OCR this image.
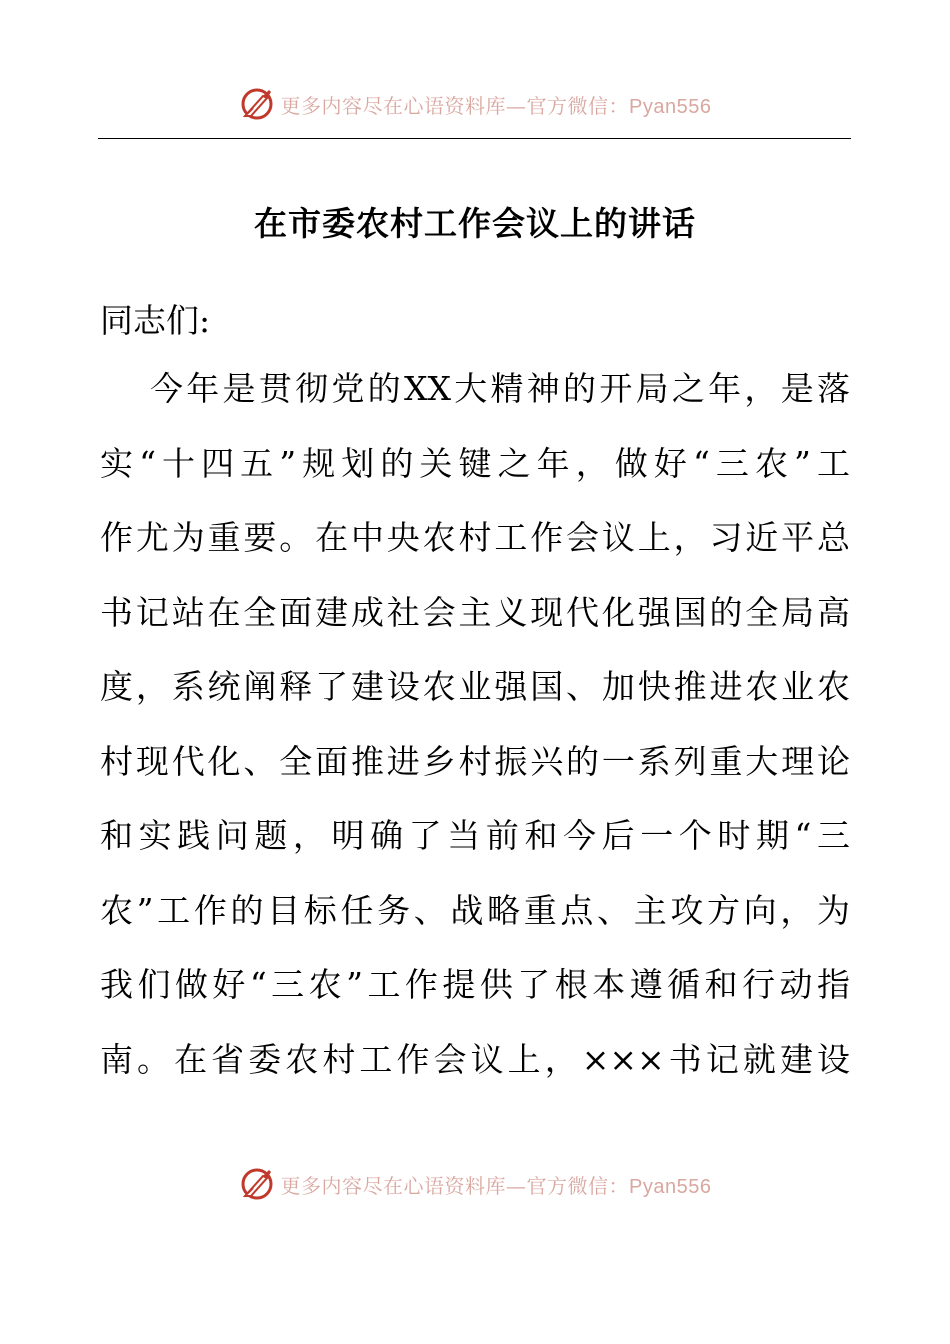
更多内容尽在心语资料库—官方微信：Pyan556
在市委农村工作会议上的讲话

同志们:

今年是贯彻党的XX大精神的开局之年，是落
实“十四五”规划的关键之年，做好“三农”工
作尤为重要。在中央农村工作会议上，习近平总
书记站在全面建成社会主义现代化强国的全局高
度，系统阐释了建设农业强国、加快推进农业农
村现代化、全面推进乡村振兴的一系列重大理论
和实践问题，明确了当前和今后一个时期“三
农”工作的目标任务、战略重点、主攻方向，为
我们做好“三农”工作提供了根本遵循和行动指
南。在省委农村工作会议上，×××书记就建设
更多内容尽在心语资料库—官方微信：Pyan556
